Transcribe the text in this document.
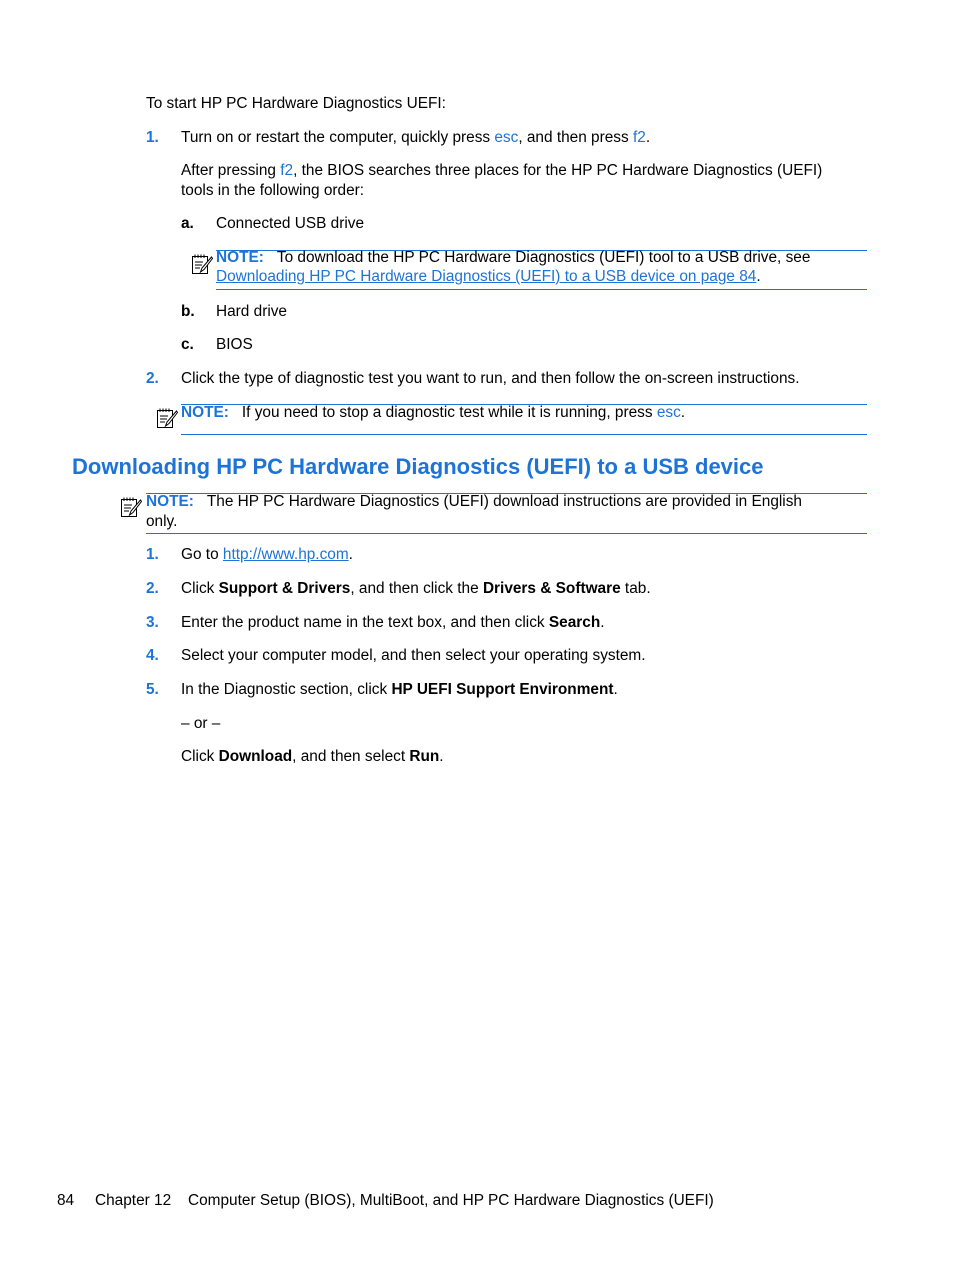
To start HP PC Hardware Diagnostics UEFI:
1. Turn on or restart the computer, quickly press esc, and then press f2.
After pressing f2, the BIOS searches three places for the HP PC Hardware Diagnostics (UEFI)
tools in the following order:
a. Connected USB drive
NOTE: To download the HP PC Hardware Diagnostics (UEFI) tool to a USB drive, see
Downloading HP PC Hardware Diagnostics (UEFI) to a USB device on page 84.
b. Hard drive
c. BIOS
2. Click the type of diagnostic test you want to run, and then follow the on-screen instructions.
NOTE: If you need to stop a diagnostic test while it is running, press esc.
Downloading HP PC Hardware Diagnostics (UEFI) to a USB device
NOTE: The HP PC Hardware Diagnostics (UEFI) download instructions are provided in English
only.
1. Go to http://www.hp.com.
2. Click Support & Drivers, and then click the Drivers & Software tab.
3. Enter the product name in the text box, and then click Search.
4. Select your computer model, and then select your operating system.
5. In the Diagnostic section, click HP UEFI Support Environment.
– or –
Click Download, and then select Run.
84 Chapter 12 Computer Setup (BIOS), MultiBoot, and HP PC Hardware Diagnostics (UEFI)
